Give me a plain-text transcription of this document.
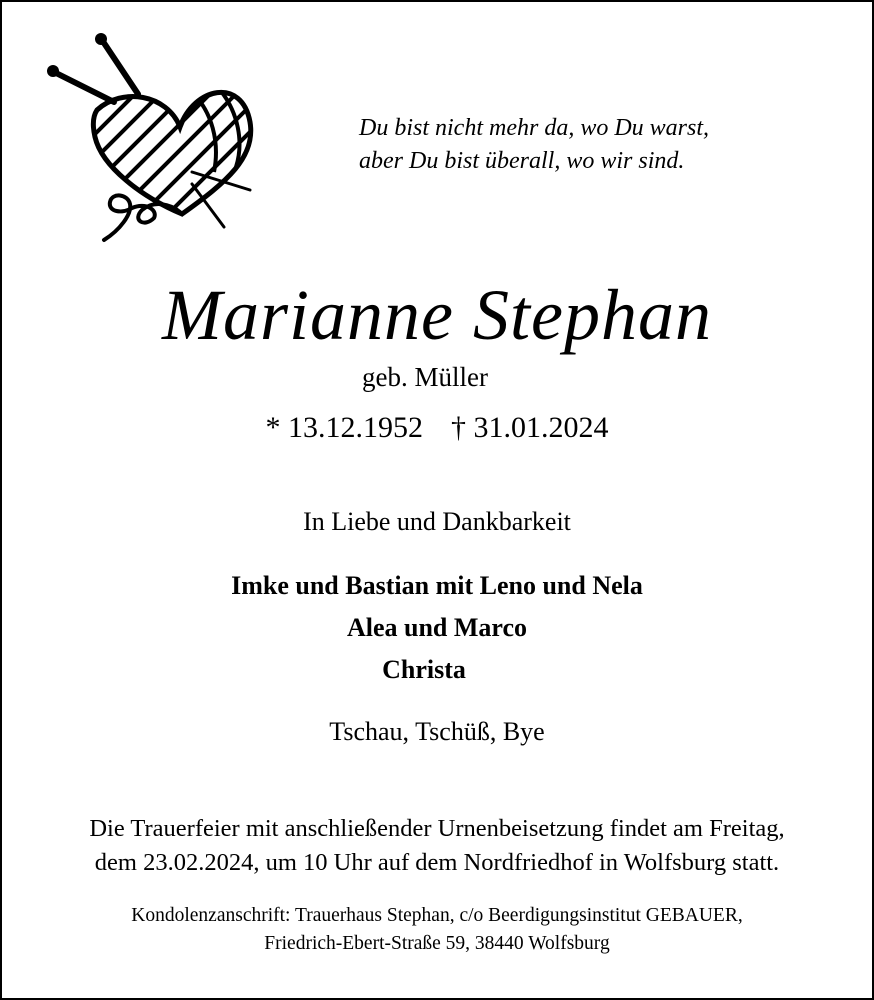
Du bist nicht mehr da, wo Du warst,
aber Du bist überall, wo wir sind.
Marianne Stephan
geb. Müller
* 13.12.1952 † 31.01.2024
In Liebe und Dankbarkeit
Imke und Bastian mit Leno und Nela
Alea und Marco
Christa
Tschau, Tschüß, Bye
Die Trauerfeier mit anschließender Urnenbeisetzung findet am Freitag,
dem 23.02.2024, um 10 Uhr auf dem Nordfriedhof in Wolfsburg statt.
Kondolenzanschrift: Trauerhaus Stephan, c/o Beerdigungsinstitut GEBAUER,
Friedrich-Ebert-Straße 59, 38440 Wolfsburg
